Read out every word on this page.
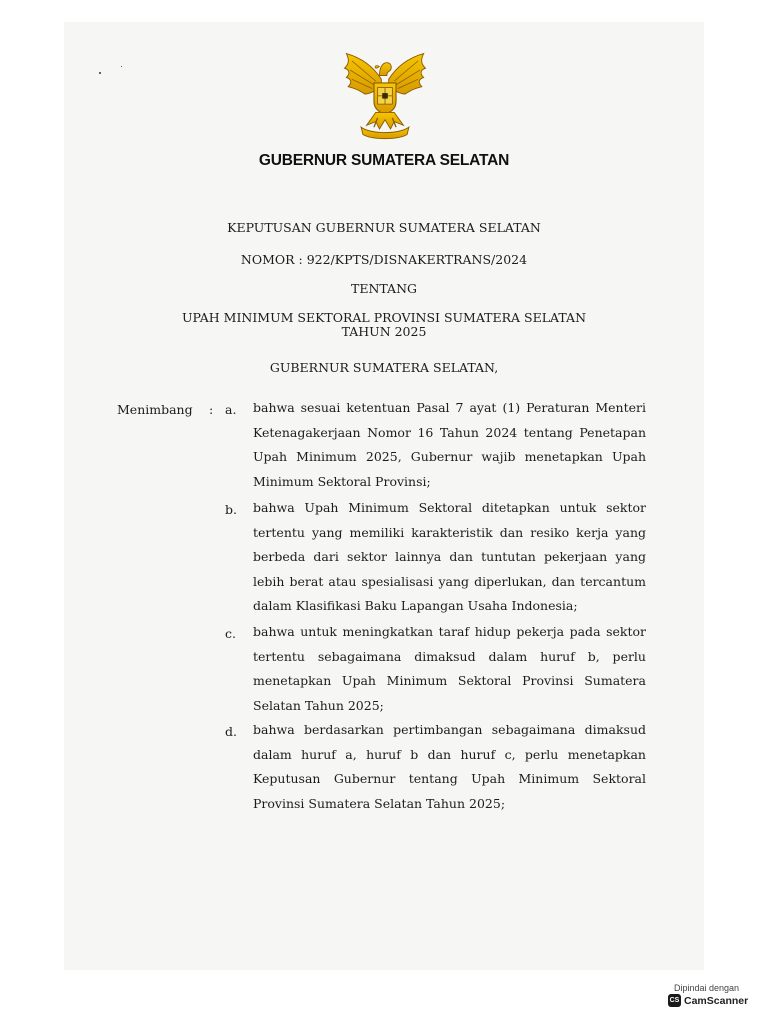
GUBERNUR SUMATERA SELATAN
KEPUTUSAN GUBERNUR SUMATERA SELATAN
NOMOR : 922/KPTS/DISNAKERTRANS/2024
TENTANG
UPAH MINIMUM SEKTORAL PROVINSI SUMATERA SELATAN
TAHUN 2025
GUBERNUR SUMATERA SELATAN,
Menimbang : a. bahwa sesuai ketentuan Pasal 7 ayat (1) Peraturan Menteri Ketenagakerjaan Nomor 16 Tahun 2024 tentang Penetapan Upah Minimum 2025, Gubernur wajib menetapkan Upah Minimum Sektoral Provinsi;
b. bahwa Upah Minimum Sektoral ditetapkan untuk sektor tertentu yang memiliki karakteristik dan resiko kerja yang berbeda dari sektor lainnya dan tuntutan pekerjaan yang lebih berat atau spesialisasi yang diperlukan, dan tercantum dalam Klasifikasi Baku Lapangan Usaha Indonesia;
c. bahwa untuk meningkatkan taraf hidup pekerja pada sektor tertentu sebagaimana dimaksud dalam huruf b, perlu menetapkan Upah Minimum Sektoral Provinsi Sumatera Selatan Tahun 2025;
d. bahwa berdasarkan pertimbangan sebagaimana dimaksud dalam huruf a, huruf b dan huruf c, perlu menetapkan Keputusan Gubernur tentang Upah Minimum Sektoral Provinsi Sumatera Selatan Tahun 2025;
Dipindai dengan
CS CamScanner
